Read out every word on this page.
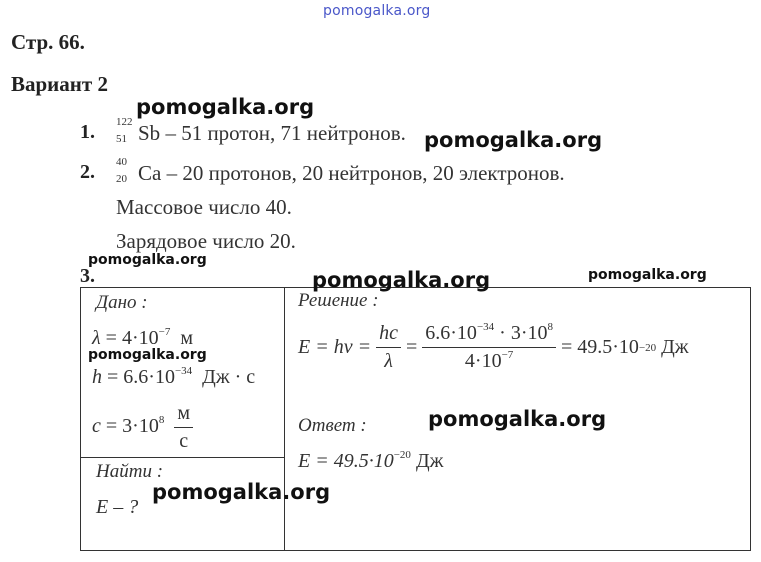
pomogalka.org
Стр. 66.
Вариант 2
1. 122
51 Sb – 51 протон, 71 нейтронов.
2. 40
20 Ca – 20 протонов, 20 нейтронов, 20 электронов.
Массовое число 40.
Зарядовое число 20.
3.
Дано :
$\lambda = 4\cdot 10^{-7}$ м
$h = 6.6\cdot 10^{-34}$ Дж · с
$c = 3\cdot 10^8 \frac{м}{с}$
Найти :
E – ?
Решение :
E = hν =
$\frac{hc}{\lambda} = \frac{6.6\cdot 10^{-34} \cdot 3\cdot 10^8}{4\cdot 10^{-7}}$
= 49.5·10 −20
Дж
Ответ :
$E = 49.5\cdot 10^{-20}$ Дж
pomogalka.org
pomogalka.org
pomogalka.org
pomogalka.org	pomogalka.org
pomogalka.org
pomogalka.org
pomogalka.org
